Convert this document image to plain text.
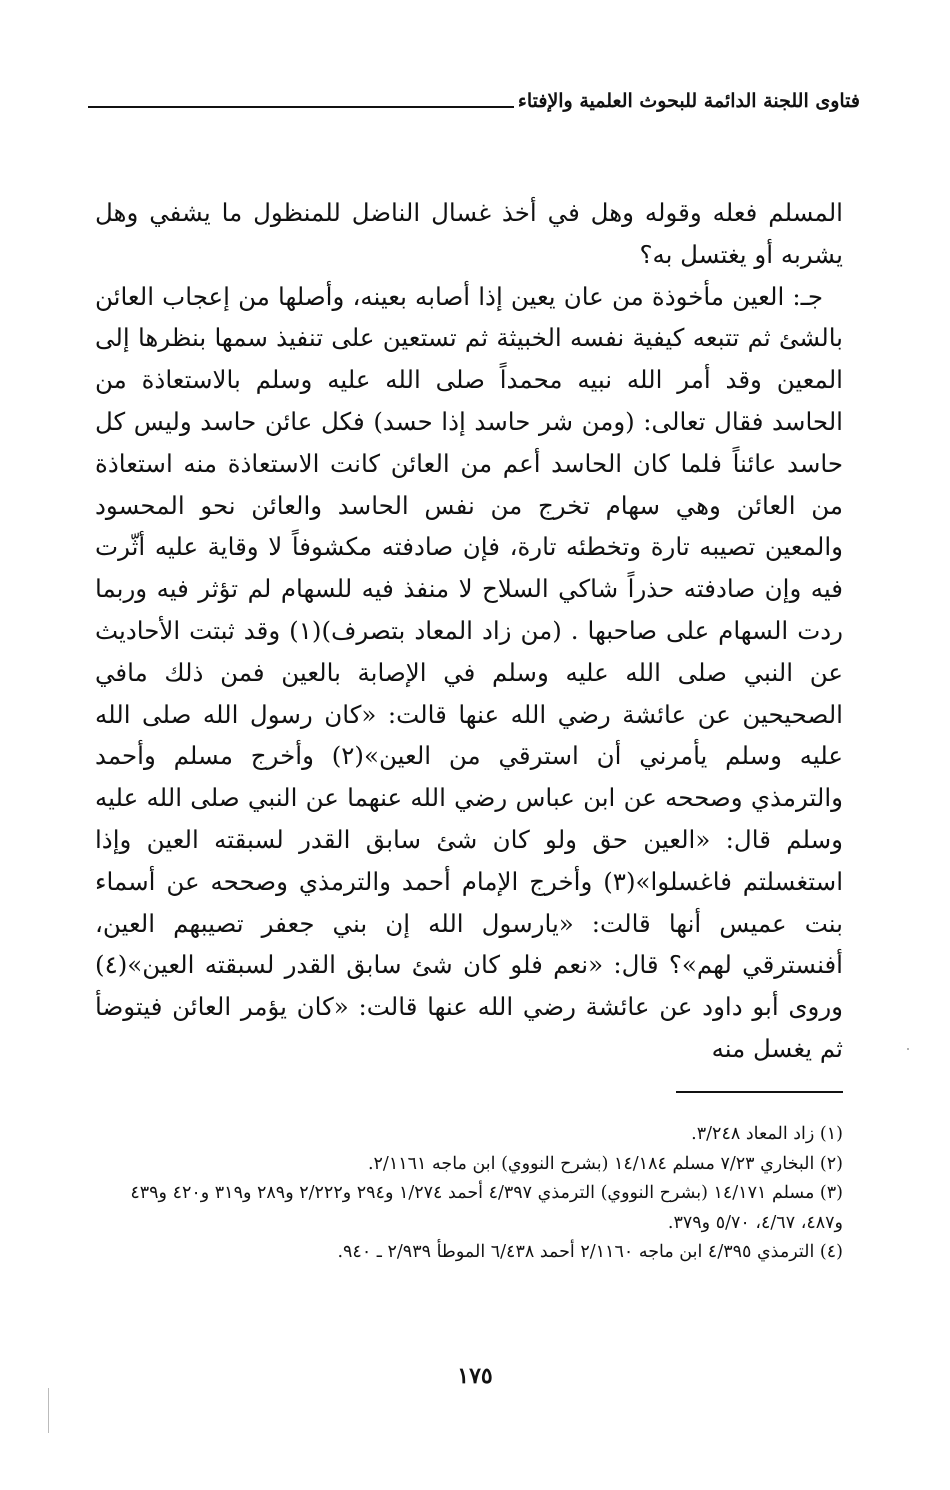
فتاوى اللجنة الدائمة للبحوث العلمية والإفتاء

المسلم فعله وقوله وهل في أخذ غسال الناضل للمنظول ما يشفي وهل يشربه أو يغتسل به؟

جـ: العين مأخوذة من عان يعين إذا أصابه بعينه، وأصلها من إعجاب العائن بالشئ ثم تتبعه كيفية نفسه الخبيثة ثم تستعين على تنفيذ سمها بنظرها إلى المعين وقد أمر الله نبيه محمداً صلى الله عليه وسلم بالاستعاذة من الحاسد فقال تعالى: (ومن شر حاسد إذا حسد) فكل عائن حاسد وليس كل حاسد عائناً فلما كان الحاسد أعم من العائن كانت الاستعاذة منه استعاذة من العائن وهي سهام تخرج من نفس الحاسد والعائن نحو المحسود والمعين تصيبه تارة وتخطئه تارة، فإن صادفته مكشوفاً لا وقاية عليه أثّرت فيه وإن صادفته حذراً شاكي السلاح لا منفذ فيه للسهام لم تؤثر فيه وربما ردت السهام على صاحبها . (من زاد المعاد بتصرف)(١) وقد ثبتت الأحاديث عن النبي صلى الله عليه وسلم في الإصابة بالعين فمن ذلك مافي الصحيحين عن عائشة رضي الله عنها قالت: «كان رسول الله صلى الله عليه وسلم يأمرني أن استرقي من العين»(٢) وأخرج مسلم وأحمد والترمذي وصححه عن ابن عباس رضي الله عنهما عن النبي صلى الله عليه وسلم قال: «العين حق ولو كان شئ سابق القدر لسبقته العين وإذا استغسلتم فاغسلوا»(٣) وأخرج الإمام أحمد والترمذي وصححه عن أسماء بنت عميس أنها قالت: «يارسول الله إن بني جعفر تصيبهم العين، أفنسترقي لهم»؟ قال: «نعم فلو كان شئ سابق القدر لسبقته العين»(٤) وروى أبو داود عن عائشة رضي الله عنها قالت: «كان يؤمر العائن فيتوضأ ثم يغسل منه

(١) زاد المعاد ٣/٢٤٨.

(٢) البخاري ٧/٢٣ مسلم ١٤/١٨٤ (بشرح النووي) ابن ماجه ٢/١١٦١.

(٣) مسلم ١٤/١٧١ (بشرح النووي) الترمذي ٤/٣٩٧ أحمد ١/٢٧٤ و٢٩٤ و٢/٢٢٢ و٢٨٩ و٣١٩ و٤٢٠ و٤٣٩ و٤٨٧، ٤/٦٧، ٥/٧٠ و٣٧٩.

(٤) الترمذي ٤/٣٩٥ ابن ماجه ٢/١١٦٠ أحمد ٦/٤٣٨ الموطأ ٢/٩٣٩ ـ ٩٤٠.

١٧٥
